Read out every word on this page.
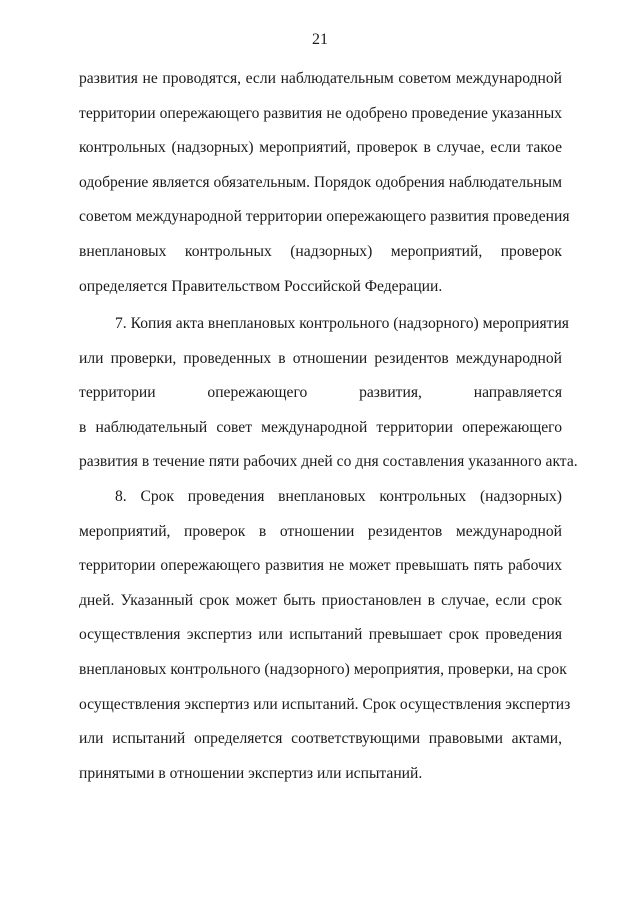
21
развития не проводятся, если наблюдательным советом международной
территории опережающего развития не одобрено проведение указанных
контрольных (надзорных) мероприятий, проверок в случае, если такое
одобрение является обязательным. Порядок одобрения наблюдательным
советом международной территории опережающего развития проведения
внеплановых контрольных (надзорных) мероприятий, проверок
определяется Правительством Российской Федерации.
7. Копия акта внеплановых контрольного (надзорного) мероприятия
или проверки, проведенных в отношении резидентов международной
территории опережающего развития, направляется
в наблюдательный совет международной территории опережающего
развития в течение пяти рабочих дней со дня составления указанного акта.
8. Срок проведения внеплановых контрольных (надзорных)
мероприятий, проверок в отношении резидентов международной
территории опережающего развития не может превышать пять рабочих
дней. Указанный срок может быть приостановлен в случае, если срок
осуществления экспертиз или испытаний превышает срок проведения
внеплановых контрольного (надзорного) мероприятия, проверки, на срок
осуществления экспертиз или испытаний. Срок осуществления экспертиз
или испытаний определяется соответствующими правовыми актами,
принятыми в отношении экспертиз или испытаний.
